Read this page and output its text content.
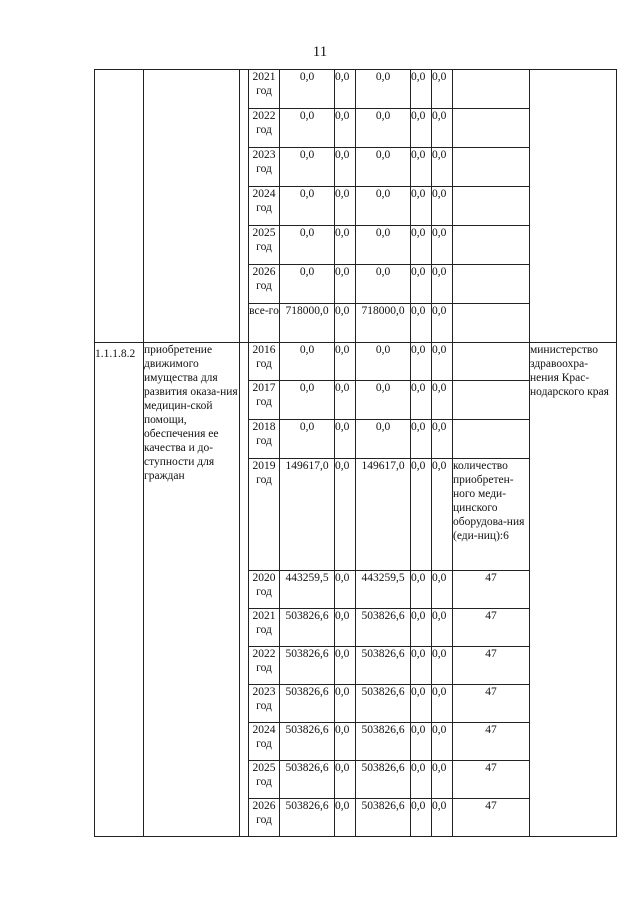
11
			2021 год	0,0	0,0	0,0	0,0	0,0		
			2022 год	0,0	0,0	0,0	0,0	0,0		
			2023 год	0,0	0,0	0,0	0,0	0,0		
			2024 год	0,0	0,0	0,0	0,0	0,0		
			2025 год	0,0	0,0	0,0	0,0	0,0		
			2026 год	0,0	0,0	0,0	0,0	0,0		
			все-го	718000,0	0,0	718000,0	0,0	0,0		
1.1.1.8.2	приобретение движимого имущества для развития оказа-ния медицин-ской помощи, обеспечения ее качества и до-ступности для граждан		2016 год	0,0	0,0	0,0	0,0	0,0		министерство здравоохра-нения Крас-нодарского края
			2017 год	0,0	0,0	0,0	0,0	0,0		
			2018 год	0,0	0,0	0,0	0,0	0,0		
			2019 год	149617,0	0,0	149617,0	0,0	0,0	количество приобретен-ного меди-цинского оборудова-ния (еди-ниц):6	
			2020 год	443259,5	0,0	443259,5	0,0	0,0	47	
			2021 год	503826,6	0,0	503826,6	0,0	0,0	47	
			2022 год	503826,6	0,0	503826,6	0,0	0,0	47	
			2023 год	503826,6	0,0	503826,6	0,0	0,0	47	
			2024 год	503826,6	0,0	503826,6	0,0	0,0	47	
			2025 год	503826,6	0,0	503826,6	0,0	0,0	47	
			2026 год	503826,6	0,0	503826,6	0,0	0,0	47	
